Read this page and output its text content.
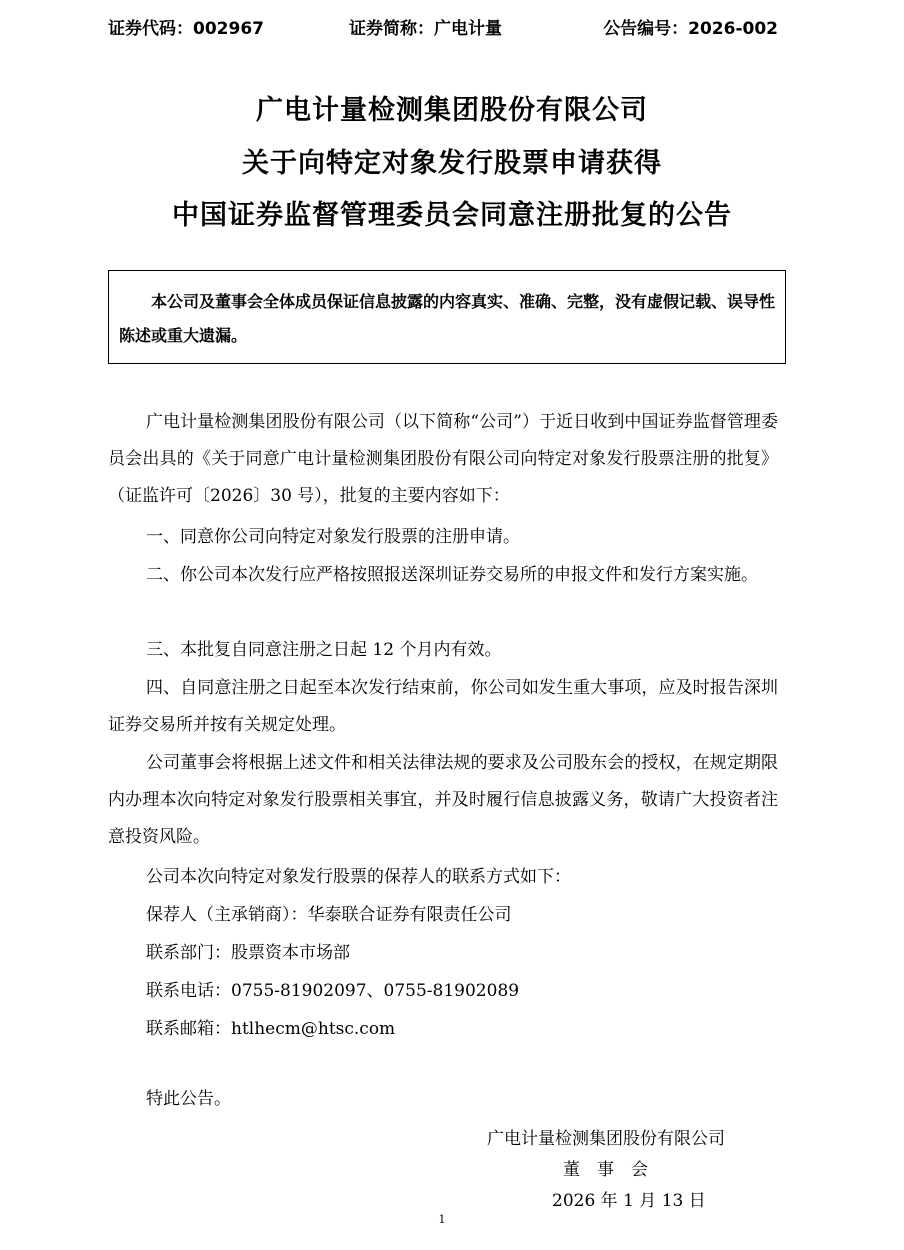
证券代码：002967	证券简称：广电计量	公告编号：2026-002
广电计量检测集团股份有限公司
关于向特定对象发行股票申请获得
中国证券监督管理委员会同意注册批复的公告
本公司及董事会全体成员保证信息披露的内容真实、准确、完整，没有虚假记载、误导性陈述或重大遗漏。

广电计量检测集团股份有限公司（以下简称“公司”）于近日收到中国证券监督管理委员会出具的《关于同意广电计量检测集团股份有限公司向特定对象发行股票注册的批复》（证监许可〔2026〕30 号），批复的主要内容如下：

一、同意你公司向特定对象发行股票的注册申请。

二、你公司本次发行应严格按照报送深圳证券交易所的申报文件和发行方案实施。

三、本批复自同意注册之日起 12 个月内有效。

四、自同意注册之日起至本次发行结束前，你公司如发生重大事项，应及时报告深圳证券交易所并按有关规定处理。

公司董事会将根据上述文件和相关法律法规的要求及公司股东会的授权，在规定期限内办理本次向特定对象发行股票相关事宜，并及时履行信息披露义务，敬请广大投资者注意投资风险。

公司本次向特定对象发行股票的保荐人的联系方式如下：

保荐人（主承销商）：华泰联合证券有限责任公司

联系部门：股票资本市场部

联系电话：0755-81902097、0755-81902089

联系邮箱：htlhecm@htsc.com

特此公告。

广电计量检测集团股份有限公司
董　事　会
2026 年 1 月 13 日
1
